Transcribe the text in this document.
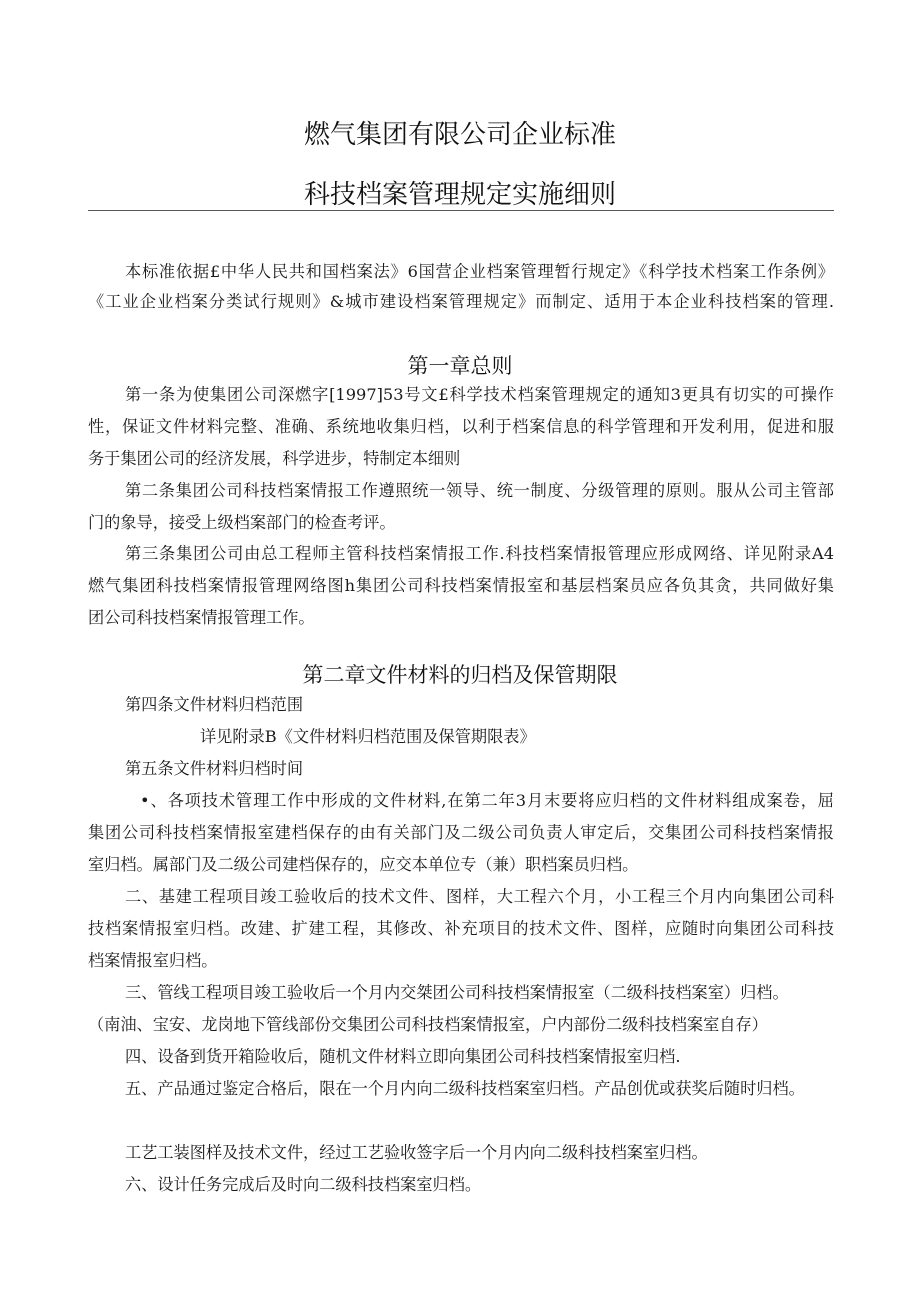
燃气集团有限公司企业标准
科技档案管理规定实施细则
本标准依据£中华人民共和国档案法》6国营企业档案管理暂行规定》《科学技术档案工作条例》
《工业企业档案分类试行规则》&城市建设档案管理规定》而制定、适用于本企业科技档案的管理.
第一章总则
第一条为使集团公司深燃字[1997]53号文£科学技术档案管理规定的通知3更具有切实的可操作
性，保证文件材料完整、准确、系统地收集归档，以利于档案信息的科学管理和开发利用，促进和服
务于集团公司的经济发展，科学进步，特制定本细则
第二条集团公司科技档案情报工作遵照统一领导、统一制度、分级管理的原则。服从公司主管部
门的象导，接受上级档案部门的检查考评。
第三条集团公司由总工程师主管科技档案情报工作.科技档案情报管理应形成网络、详见附录A4
燃气集团科技档案情报管理网络图h集团公司科技档案情报室和基层档案员应各负其贪，共同做好集
团公司科技档案情报管理工作。
第二章文件材料的归档及保管期限
第四条文件材料归档范围
详见附录B《文件材料归档范围及保管期限表》
第五条文件材料归档时间
•、各项技术管理工作中形成的文件材料,在第二年3月末要将应归档的文件材料组成案卷，屈
集团公司科技档案情报室建档保存的由有关部门及二级公司负责人审定后，交集团公司科技档案情报
室归档。属部门及二级公司建档保存的，应交本单位专（兼）职档案员归档。
二、基建工程项目竣工验收后的技术文件、图样，大工程六个月，小工程三个月内向集团公司科
技档案情报室归档。改建、扩建工程，其修改、补充项目的技术文件、图样，应随时向集团公司科技
档案情报室归档。
三、管线工程项目竣工验收后一个月内交桀团公司科技档案情报室（二级科技档案室）归档。
（南油、宝安、龙岗地下管线部份交集团公司科技档案情报室，户内部份二级科技档案室自存）
四、设备到货开箱险收后，随机文件材料立即向集团公司科技档案情报室归档.
五、产品通过鉴定合格后，限在一个月内向二级科技档案室归档。产品创优或获奖后随时归档。
工艺工装图样及技术文件，经过工艺验收签字后一个月内向二级科技档案室归档。
六、设计任务完成后及时向二级科技档案室归档。
